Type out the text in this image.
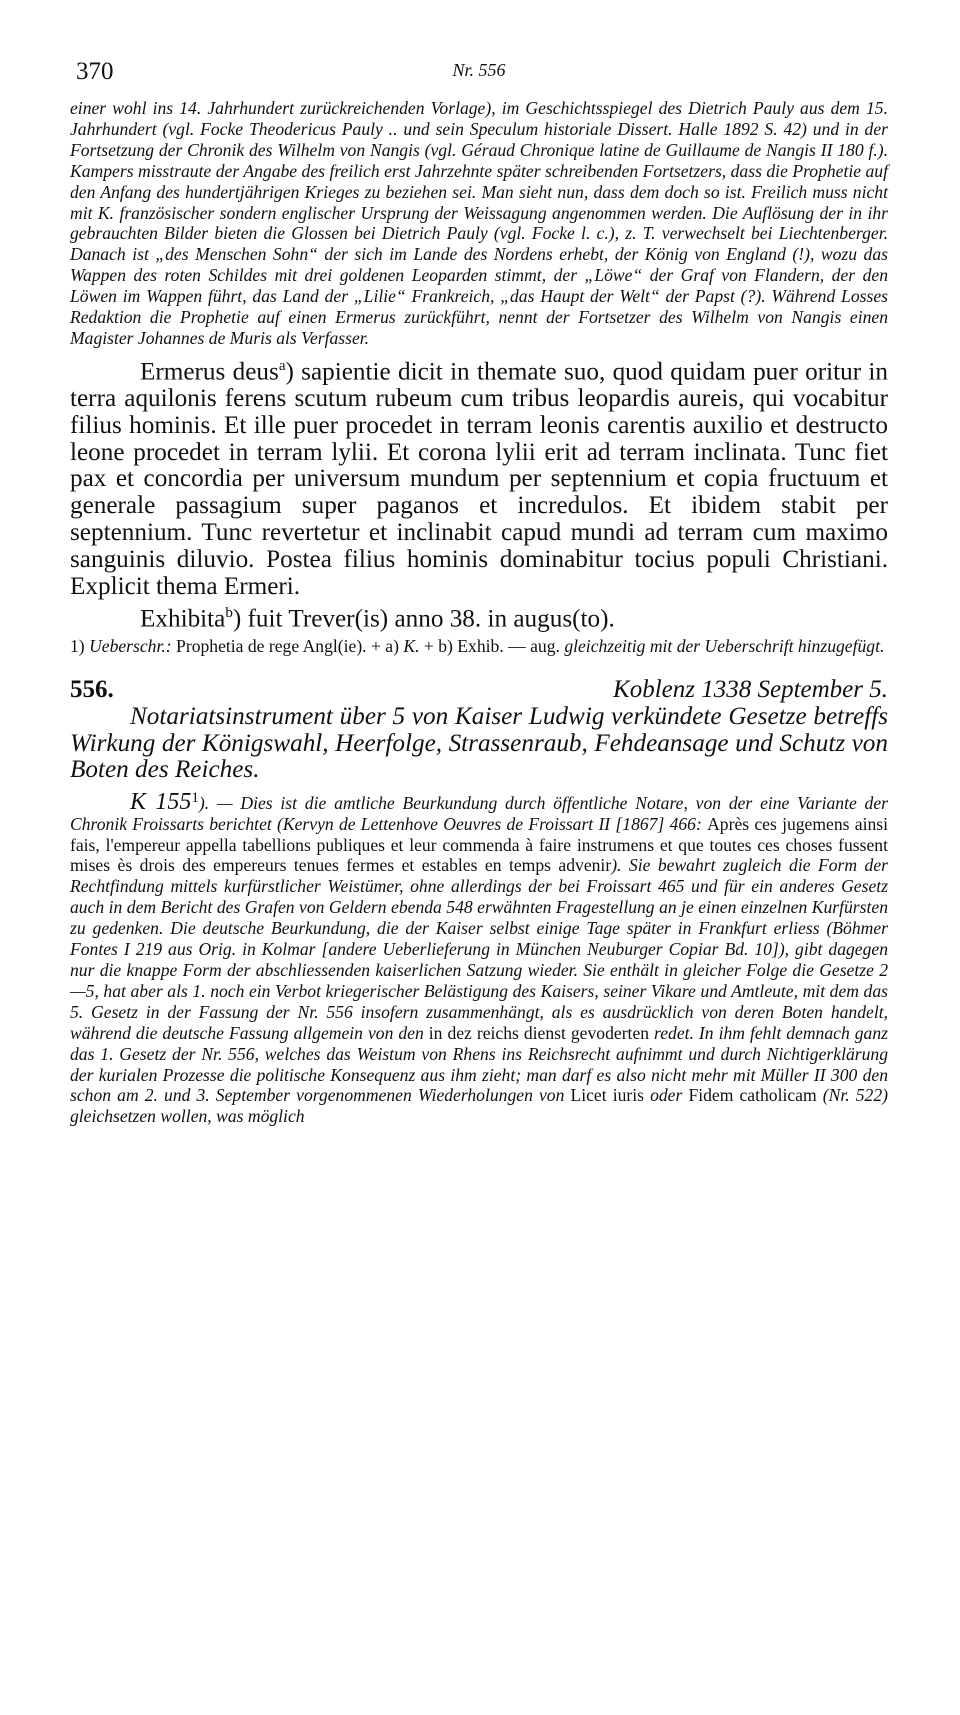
370	Nr. 556

einer wohl ins 14. Jahrhundert zurückreichenden Vorlage), im Geschichtsspiegel des Dietrich Pauly aus dem 15. Jahrhundert (vgl. Focke Theodericus Pauly .. und sein Speculum historiale Dissert. Halle 1892 S. 42) und in der Fortsetzung der Chronik des Wilhelm von Nangis (vgl. Géraud Chronique latine de Guillaume de Nangis II 180 f.). Kampers misstraute der Angabe des freilich erst Jahrzehnte später schreibenden Fortsetzers, dass die Prophetie auf den Anfang des hundertjährigen Krieges zu beziehen sei. Man sieht nun, dass dem doch so ist. Freilich muss nicht mit K. französischer sondern englischer Ursprung der Weissagung angenommen werden. Die Auflösung der in ihr gebrauchten Bilder bieten die Glossen bei Dietrich Pauly (vgl. Focke l. c.), z. T. verwechselt bei Liechtenberger. Danach ist „des Menschen Sohn“ der sich im Lande des Nordens erhebt, der König von England (!), wozu das Wappen des roten Schildes mit drei goldenen Leoparden stimmt, der „Löwe“ der Graf von Flandern, der den Löwen im Wappen führt, das Land der „Lilie“ Frankreich, „das Haupt der Welt“ der Papst (?). Während Losses Redaktion die Prophetie auf einen Ermerus zurückführt, nennt der Fortsetzer des Wilhelm von Nangis einen Magister Johannes de Muris als Verfasser.

Ermerus deus$^a$) sapientie dicit in themate suo, quod quidam puer oritur in terra aquilonis ferens scutum rubeum cum tribus leopardis aureis, qui vocabitur filius hominis. Et ille puer procedet in terram leonis carentis auxilio et destructo leone procedet in terram lylii. Et corona lylii erit ad terram inclinata. Tunc fiet pax et concordia per universum mundum per septennium et copia fructuum et generale passagium super paganos et incredulos. Et ibidem stabit per septennium. Tunc revertetur et inclinabit capud mundi ad terram cum maximo sanguinis diluvio. Postea filius hominis dominabitur tocius populi Christiani. Explicit thema Ermeri.

Exhibita$^b$) fuit Trever(is) anno 38. in augus(to).

1) Ueberschr.: Prophetia de rege Angl(ie). + a) K. + b) Exhib. — aug. gleichzeitig mit der Ueberschrift hinzugefügt.

556.	Koblenz 1338 September 5.

Notariatsinstrument über 5 von Kaiser Ludwig verkündete Gesetze betreffs Wirkung der Königswahl, Heerfolge, Strassenraub, Fehdeansage und Schutz von Boten des Reiches.

K $155^1$). — Dies ist die amtliche Beurkundung durch öffentliche Notare, von der eine Variante der Chronik Froissarts berichtet (Kervyn de Lettenhove Oeuvres de Froissart II [1867] 466: Après ces jugemens ainsi fais, l'empereur appella tabellions publiques et leur commenda à faire instrumens et que toutes ces choses fussent mises ès drois des empereurs tenues fermes et estables en temps advenir). Sie bewahrt zugleich die Form der Rechtfindung mittels kurfürstlicher Weistümer, ohne allerdings der bei Froissart 465 und für ein anderes Gesetz auch in dem Bericht des Grafen von Geldern ebenda 548 erwähnten Fragestellung an je einen einzelnen Kurfürsten zu gedenken. Die deutsche Beurkundung, die der Kaiser selbst einige Tage später in Frankfurt erliess (Böhmer Fontes I 219 aus Orig. in Kolmar [andere Ueberlieferung in München Neuburger Copiar Bd. 10]), gibt dagegen nur die knappe Form der abschliessenden kaiserlichen Satzung wieder. Sie enthält in gleicher Folge die Gesetze 2—5, hat aber als 1. noch ein Verbot kriegerischer Belästigung des Kaisers, seiner Vikare und Amtleute, mit dem das 5. Gesetz in der Fassung der Nr. 556 insofern zusammenhängt, als es ausdrücklich von deren Boten handelt, während die deutsche Fassung allgemein von den in dez reichs dienst gevoderten redet. In ihm fehlt demnach ganz das 1. Gesetz der Nr. 556, welches das Weistum von Rhens ins Reichsrecht aufnimmt und durch Nichtigerklärung der kurialen Prozesse die politische Konsequenz aus ihm zieht; man darf es also nicht mehr mit Müller II 300 den schon am 2. und 3. September vorgenommenen Wiederholungen von Licet iuris oder Fidem catholicam (Nr. 522) gleichsetzen wollen, was möglich
